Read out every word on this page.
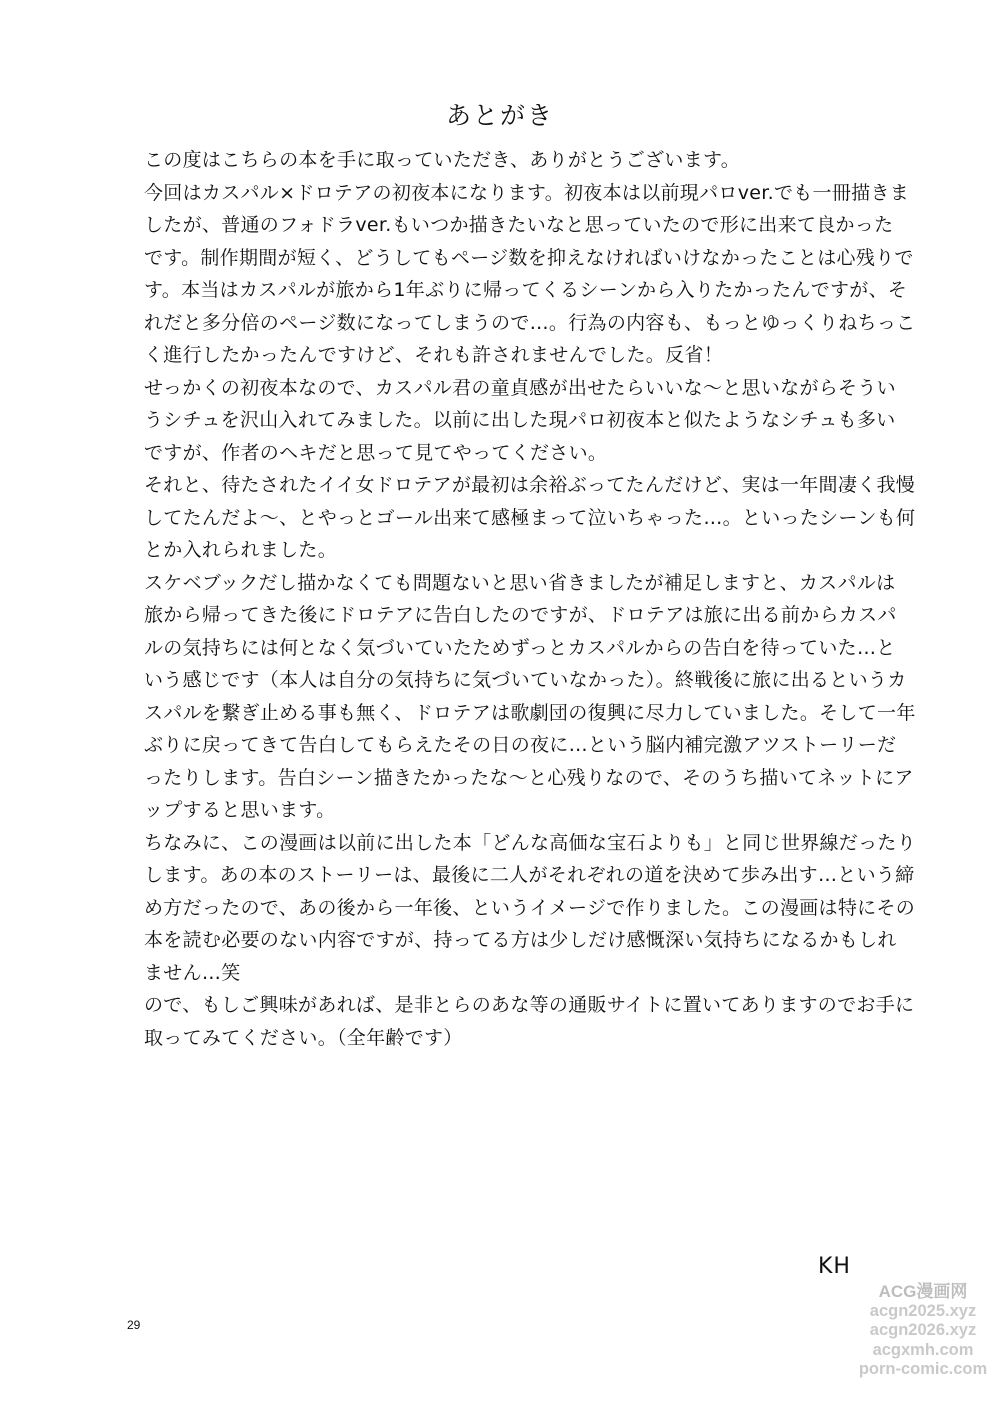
あとがき
この度はこちらの本を手に取っていただき、ありがとうございます。
今回はカスパル×ドロテアの初夜本になります。初夜本は以前現パロver.でも一冊描きま
したが、普通のフォドラver.もいつか描きたいなと思っていたので形に出来て良かった
です。制作期間が短く、どうしてもページ数を抑えなければいけなかったことは心残りで
す。本当はカスパルが旅から1年ぶりに帰ってくるシーンから入りたかったんですが、そ
れだと多分倍のページ数になってしまうので…。行為の内容も、もっとゆっくりねちっこ
く進行したかったんですけど、それも許されませんでした。反省！
せっかくの初夜本なので、カスパル君の童貞感が出せたらいいな〜と思いながらそうい
うシチュを沢山入れてみました。以前に出した現パロ初夜本と似たようなシチュも多い
ですが、作者のヘキだと思って見てやってください。
それと、待たされたイイ女ドロテアが最初は余裕ぶってたんだけど、実は一年間凄く我慢
してたんだよ〜、とやっとゴール出来て感極まって泣いちゃった…。といったシーンも何
とか入れられました。
スケベブックだし描かなくても問題ないと思い省きましたが補足しますと、カスパルは
旅から帰ってきた後にドロテアに告白したのですが、ドロテアは旅に出る前からカスパ
ルの気持ちには何となく気づいていたためずっとカスパルからの告白を待っていた…と
いう感じです（本人は自分の気持ちに気づいていなかった）。終戦後に旅に出るというカ
スパルを繋ぎ止める事も無く、ドロテアは歌劇団の復興に尽力していました。そして一年
ぶりに戻ってきて告白してもらえたその日の夜に…という脳内補完激アツストーリーだ
ったりします。告白シーン描きたかったな〜と心残りなので、そのうち描いてネットにア
ップすると思います。
ちなみに、この漫画は以前に出した本「どんな高価な宝石よりも」と同じ世界線だったり
します。あの本のストーリーは、最後に二人がそれぞれの道を決めて歩み出す…という締
め方だったので、あの後から一年後、というイメージで作りました。この漫画は特にその
本を読む必要のない内容ですが、持ってる方は少しだけ感慨深い気持ちになるかもしれ
ません…笑
ので、もしご興味があれば、是非とらのあな等の通販サイトに置いてありますのでお手に
取ってみてください。（全年齢です）
KH
29
ACG漫画网
acgn2025.xyz
acgn2026.xyz
acgxmh.com
porn-comic.com
